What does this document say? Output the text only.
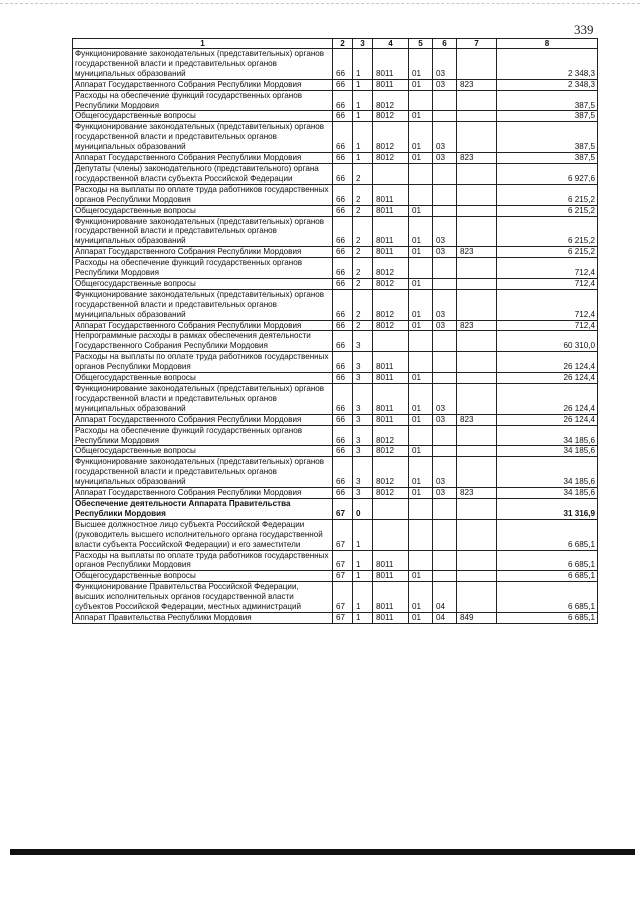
339
1	2	3	4	5	6	7	8
Функционирование законодательных (представительных) органов государственной власти и представительных органов муниципальных образований	66	1	8011	01	03		2 348,3
Аппарат Государственного Собрания Республики Мордовия	66	1	8011	01	03	823	2 348,3
Расходы на обеспечение функций государственных органов Республики Мордовия	66	1	8012				387,5
Общегосударственные вопросы	66	1	8012	01			387,5
Функционирование законодательных (представительных) органов государственной власти и представительных органов муниципальных образований	66	1	8012	01	03		387,5
Аппарат Государственного Собрания Республики Мордовия	66	1	8012	01	03	823	387,5
Депутаты (члены) законодательного (представительного) органа государственной власти субъекта Российской Федерации	66	2					6 927,6
Расходы на выплаты по оплате труда работников государственных органов Республики Мордовия	66	2	8011				6 215,2
Общегосударственные вопросы	66	2	8011	01			6 215,2
Функционирование законодательных (представительных) органов государственной власти и представительных органов муниципальных образований	66	2	8011	01	03		6 215,2
Аппарат Государственного Собрания Республики Мордовия	66	2	8011	01	03	823	6 215,2
Расходы на обеспечение функций государственных органов Республики Мордовия	66	2	8012				712,4
Общегосударственные вопросы	66	2	8012	01			712,4
Функционирование законодательных (представительных) органов государственной власти и представительных органов муниципальных образований	66	2	8012	01	03		712,4
Аппарат Государственного Собрания Республики Мордовия	66	2	8012	01	03	823	712,4
Непрограммные расходы в рамках обеспечения деятельности Государственного Собрания Республики Мордовия	66	3					60 310,0
Расходы на выплаты по оплате труда работников государственных органов Республики Мордовия	66	3	8011				26 124,4
Общегосударственные вопросы	66	3	8011	01			26 124,4
Функционирование законодательных (представительных) органов государственной власти и представительных органов муниципальных образований	66	3	8011	01	03		26 124,4
Аппарат Государственного Собрания Республики Мордовия	66	3	8011	01	03	823	26 124,4
Расходы на обеспечение функций государственных органов Республики Мордовия	66	3	8012				34 185,6
Общегосударственные вопросы	66	3	8012	01			34 185,6
Функционирование законодательных (представительных) органов государственной власти и представительных органов муниципальных образований	66	3	8012	01	03		34 185,6
Аппарат Государственного Собрания Республики Мордовия	66	3	8012	01	03	823	34 185,6
Обеспечение деятельности Аппарата Правительства Республики Мордовия	67	0					31 316,9
Высшее должностное лицо субъекта Российской Федерации (руководитель высшего исполнительного органа государственной власти субъекта Российской Федерации) и его заместители	67	1					6 685,1
Расходы на выплаты по оплате труда работников государственных органов Республики Мордовия	67	1	8011				6 685,1
Общегосударственные вопросы	67	1	8011	01			6 685,1
Функционирование Правительства Российской Федерации, высших исполнительных органов государственной власти субъектов Российской Федерации, местных администраций	67	1	8011	01	04		6 685,1
Аппарат Правительства Республики Мордовия	67	1	8011	01	04	849	6 685,1
